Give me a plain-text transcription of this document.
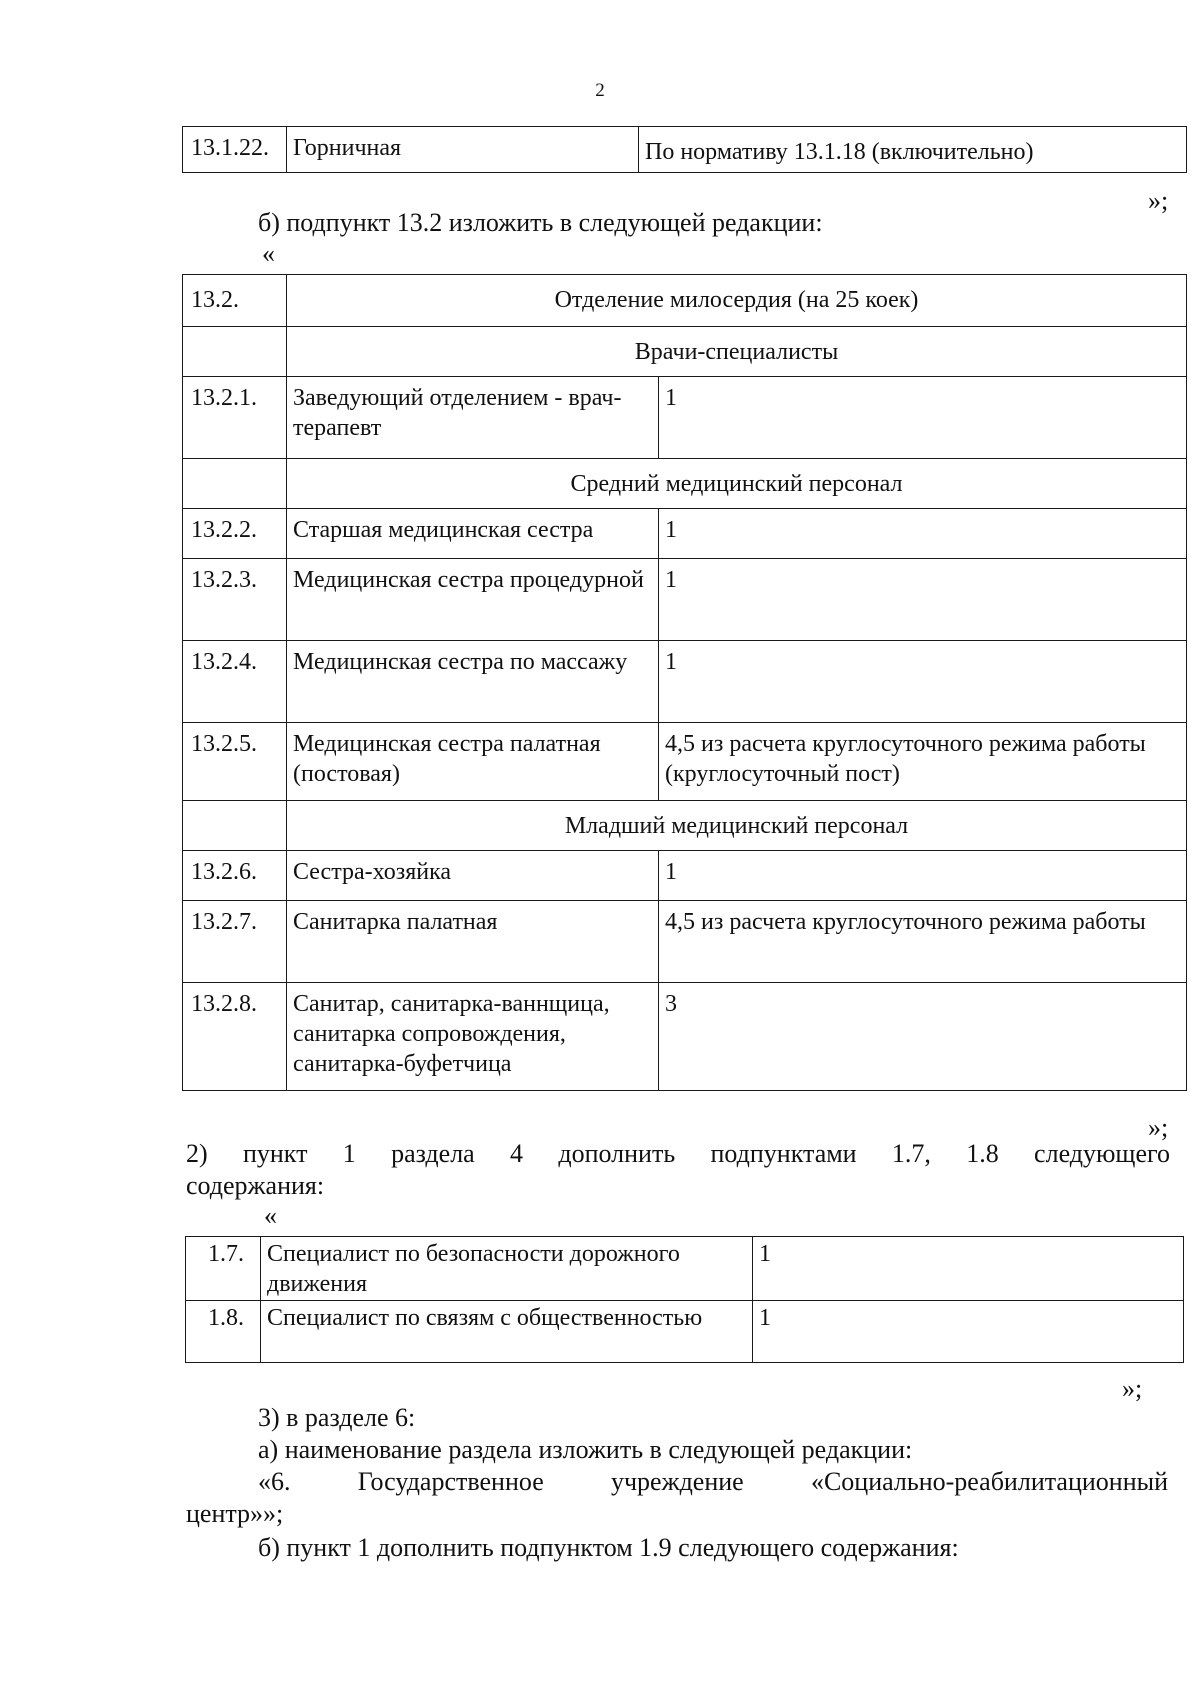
2
13.1.22.	Горничная	По нормативу 13.1.18 (включительно)
»;
б) подпункт 13.2 изложить в следующей редакции:
«
13.2.	Отделение милосердия (на 25 коек)	
	Врачи-специалисты	
13.2.1.	Заведующий отделением - врач-терапевт	1
	Средний медицинский персонал	
13.2.2.	Старшая медицинская сестра	1
13.2.3.	Медицинская сестра процедурной	1
13.2.4.	Медицинская сестра по массажу	1
13.2.5.	Медицинская сестра палатная (постовая)	4,5 из расчета круглосуточного режима работы (круглосуточный пост)
	Младший медицинский персонал	
13.2.6.	Сестра-хозяйка	1
13.2.7.	Санитарка палатная	4,5 из расчета круглосуточного режима работы
13.2.8.	Санитар, санитарка-ваннщица, санитарка сопровождения, санитарка-буфетчица	3
»;
2) пункт 1 раздела 4 дополнить подпунктами 1.7, 1.8 следующего
содержания:
«
1.7.	Специалист по безопасности дорожного движения	1
1.8.	Специалист по связям с общественностью	1
»;
3) в разделе 6:
а) наименование раздела изложить в следующей редакции:
«6. Государственное учреждение «Социально-реабилитационный
центр»»;
б) пункт 1 дополнить подпунктом 1.9 следующего содержания:
